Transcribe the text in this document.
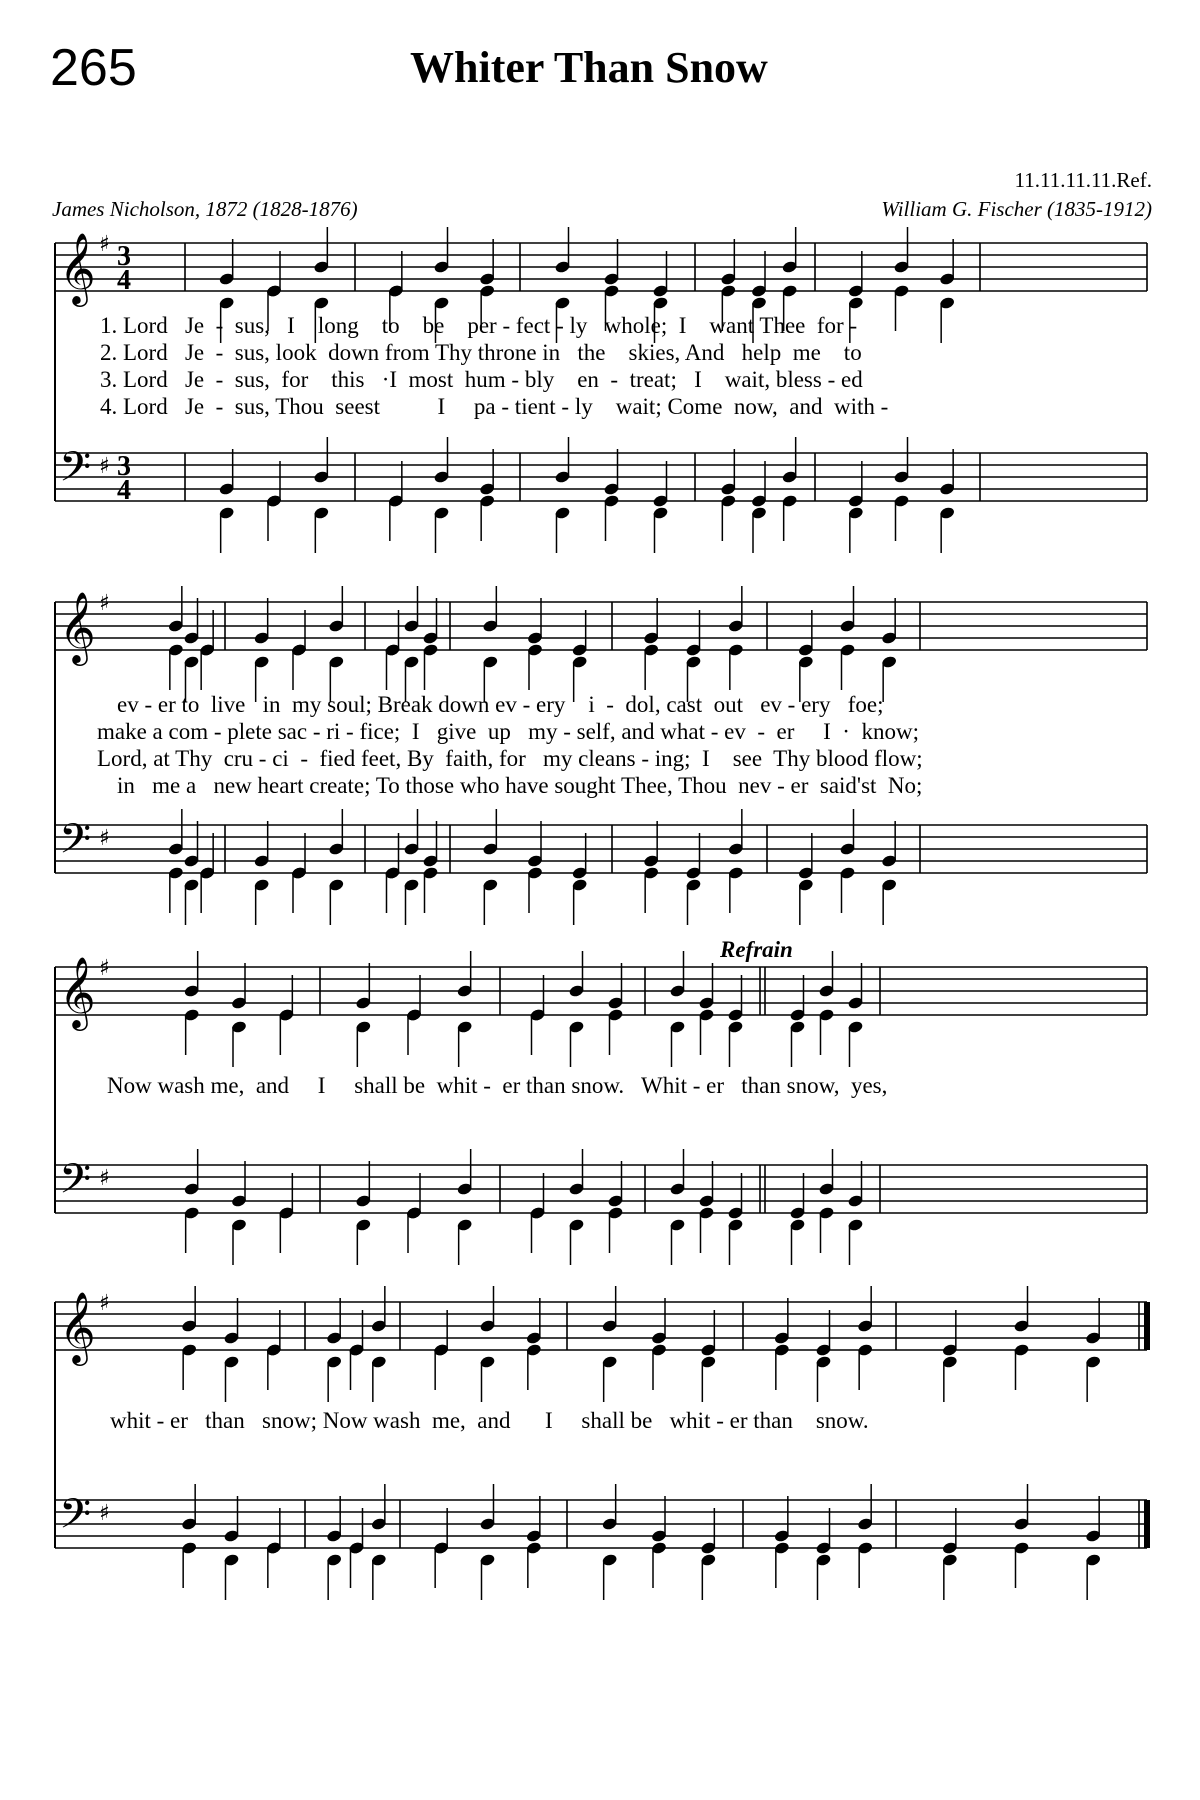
265	Whiter Than Snow
11.11.11.11.Ref.
James Nicholson, 1872 (1828-1876)	William G. Fischer (1835-1912)
𝄞 ♯ 3
4
𝄢 ♯ 3
4
1. Lord   Je  -  sus,   I    long    to    be    per - fect - ly   whole;  I    want Thee  for -
2. Lord   Je  -  sus, look  down from Thy throne in   the    skies, And   help  me    to
3. Lord   Je  -  sus,  for    this   ·I  most  hum - bly    en  -  treat;   I    wait, bless - ed
4. Lord   Je  -  sus, Thou  seest          I     pa - tient - ly    wait; Come  now,  and  with -
𝄞 ♯
𝄢 ♯
ev - er to  live   in  my soul; Break down ev - ery    i  -  dol, cast  out   ev - ery   foe;
make a com - plete sac - ri - fice;  I   give  up   my - self, and what - ev  -  er     I  ·  know;
Lord, at Thy  cru - ci  -  fied feet, By  faith, for   my cleans - ing;  I    see  Thy blood flow;
in   me a   new heart create; To those who have sought Thee, Thou  nev - er  said'st  No;
Refrain
𝄞 ♯
𝄢 ♯
Now wash me,  and     I     shall be  whit -  er than snow.   Whit - er   than snow,  yes,
𝄞 ♯
𝄢 ♯
whit - er   than   snow; Now wash  me,  and      I     shall be   whit - er than    snow.
